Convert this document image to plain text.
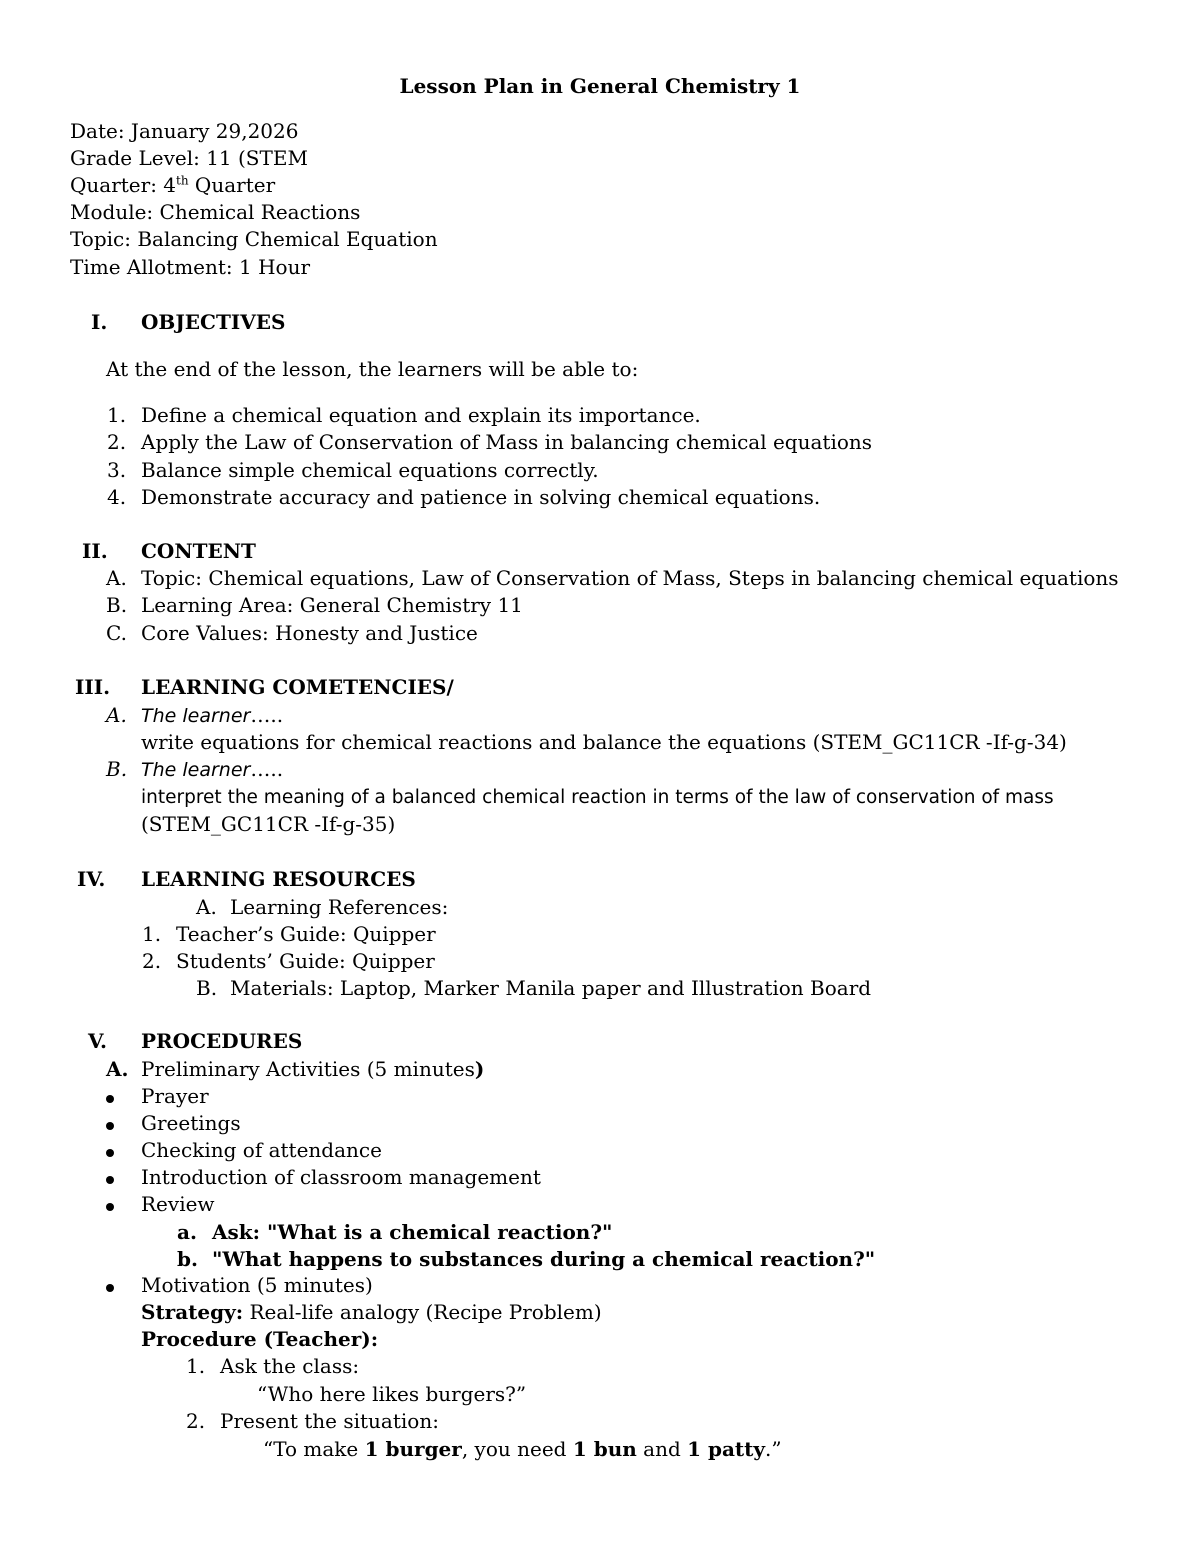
Lesson Plan in General Chemistry 1
Date: January 29,2026
Grade Level: 11 (STEM
Quarter: 4th Quarter
Module: Chemical Reactions
Topic: Balancing Chemical Equation
Time Allotment: 1 Hour
I. OBJECTIVES
At the end of the lesson, the learners will be able to:
1. Define a chemical equation and explain its importance.
2. Apply the Law of Conservation of Mass in balancing chemical equations
3. Balance simple chemical equations correctly.
4. Demonstrate accuracy and patience in solving chemical equations.
II. CONTENT
A. Topic: Chemical equations, Law of Conservation of Mass, Steps in balancing chemical equations
B. Learning Area: General Chemistry 11
C. Core Values: Honesty and Justice
III. LEARNING COMETENCIES/
A. The learner…..
write equations for chemical reactions and balance the equations (STEM_GC11CR -If-g-34)
B. The learner…..
interpret the meaning of a balanced chemical reaction in terms of the law of conservation of mass
(STEM_GC11CR -If-g-35)
IV. LEARNING RESOURCES
A. Learning References:
1. Teacher’s Guide: Quipper
2. Students’ Guide: Quipper
B. Materials: Laptop, Marker Manila paper and Illustration Board
V. PROCEDURES
A. Preliminary Activities (5 minutes)
Prayer
Greetings
Checking of attendance
Introduction of classroom management
Review
a. Ask: "What is a chemical reaction?"
b. "What happens to substances during a chemical reaction?"
Motivation (5 minutes)
Strategy: Real-life analogy (Recipe Problem)
Procedure (Teacher):
1. Ask the class:
“Who here likes burgers?”
2. Present the situation:
“To make 1 burger, you need 1 bun and 1 patty.”
